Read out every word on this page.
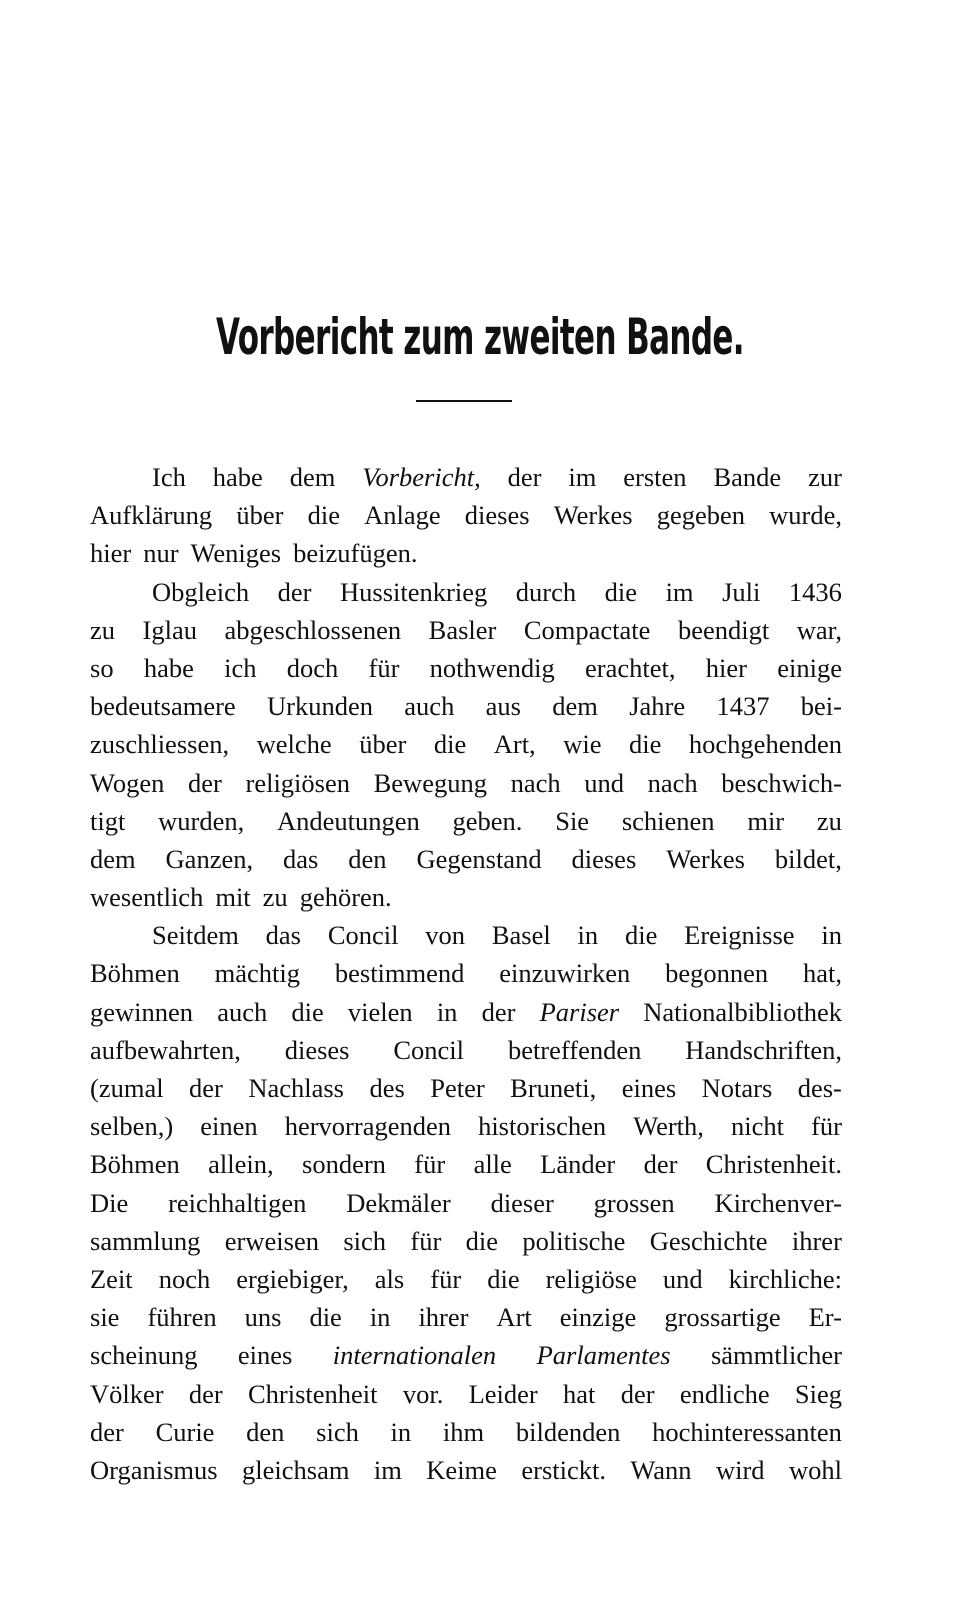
Vorbericht zum zweiten Bande.
Ich habe dem Vorbericht, der im ersten Bande zur
Aufklärung über die Anlage dieses Werkes gegeben wurde,
hier nur Weniges beizufügen.
Obgleich der Hussitenkrieg durch die im Juli 1436
zu Iglau abgeschlossenen Basler Compactate beendigt war,
so habe ich doch für nothwendig erachtet, hier einige
bedeutsamere Urkunden auch aus dem Jahre 1437 bei-
zuschliessen, welche über die Art, wie die hochgehenden
Wogen der religiösen Bewegung nach und nach beschwich-
tigt wurden, Andeutungen geben. Sie schienen mir zu
dem Ganzen, das den Gegenstand dieses Werkes bildet,
wesentlich mit zu gehören.
Seitdem das Concil von Basel in die Ereignisse in
Böhmen mächtig bestimmend einzuwirken begonnen hat,
gewinnen auch die vielen in der Pariser Nationalbibliothek
aufbewahrten, dieses Concil betreffenden Handschriften,
(zumal der Nachlass des Peter Bruneti, eines Notars des-
selben,) einen hervorragenden historischen Werth, nicht für
Böhmen allein, sondern für alle Länder der Christenheit.
Die reichhaltigen Dekmäler dieser grossen Kirchenver-
sammlung erweisen sich für die politische Geschichte ihrer
Zeit noch ergiebiger, als für die religiöse und kirchliche:
sie führen uns die in ihrer Art einzige grossartige Er-
scheinung eines internationalen Parlamentes sämmtlicher
Völker der Christenheit vor. Leider hat der endliche Sieg
der Curie den sich in ihm bildenden hochinteressanten
Organismus gleichsam im Keime erstickt. Wann wird wohl
